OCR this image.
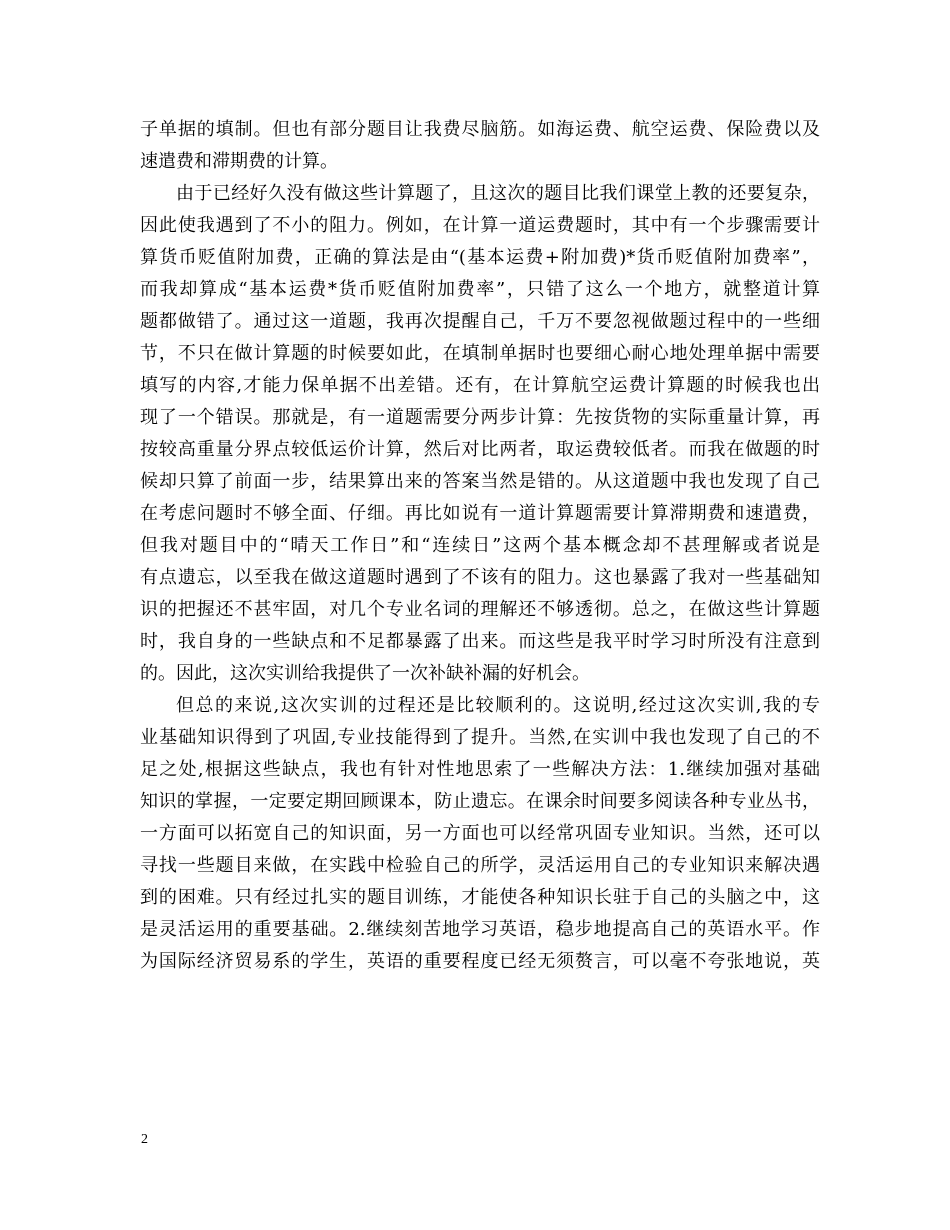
子单据的填制。但也有部分题目让我费尽脑筋。如海运费、航空运费、保险费以及
速遣费和滞期费的计算。
由于已经好久没有做这些计算题了，且这次的题目比我们课堂上教的还要复杂，
因此使我遇到了不小的阻力。例如，在计算一道运费题时，其中有一个步骤需要计
算货币贬值附加费，正确的算法是由“(基本运费+附加费)*货币贬值附加费率”，
而我却算成“基本运费*货币贬值附加费率”，只错了这么一个地方，就整道计算
题都做错了。通过这一道题，我再次提醒自己，千万不要忽视做题过程中的一些细
节，不只在做计算题的时候要如此，在填制单据时也要细心耐心地处理单据中需要
填写的内容,才能力保单据不出差错。还有，在计算航空运费计算题的时候我也出
现了一个错误。那就是，有一道题需要分两步计算：先按货物的实际重量计算，再
按较高重量分界点较低运价计算，然后对比两者，取运费较低者。而我在做题的时
候却只算了前面一步，结果算出来的答案当然是错的。从这道题中我也发现了自己
在考虑问题时不够全面、仔细。再比如说有一道计算题需要计算滞期费和速遣费，
但我对题目中的“晴天工作日”和“连续日”这两个基本概念却不甚理解或者说是
有点遗忘，以至我在做这道题时遇到了不该有的阻力。这也暴露了我对一些基础知
识的把握还不甚牢固，对几个专业名词的理解还不够透彻。总之，在做这些计算题
时，我自身的一些缺点和不足都暴露了出来。而这些是我平时学习时所没有注意到
的。因此，这次实训给我提供了一次补缺补漏的好机会。
但总的来说,这次实训的过程还是比较顺利的。这说明,经过这次实训,我的专
业基础知识得到了巩固,专业技能得到了提升。当然,在实训中我也发现了自己的不
足之处,根据这些缺点，我也有针对性地思索了一些解决方法：1.继续加强对基础
知识的掌握，一定要定期回顾课本，防止遗忘。在课余时间要多阅读各种专业丛书，
一方面可以拓宽自己的知识面，另一方面也可以经常巩固专业知识。当然，还可以
寻找一些题目来做，在实践中检验自己的所学，灵活运用自己的专业知识来解决遇
到的困难。只有经过扎实的题目训练，才能使各种知识长驻于自己的头脑之中，这
是灵活运用的重要基础。2.继续刻苦地学习英语，稳步地提高自己的英语水平。作
为国际经济贸易系的学生，英语的重要程度已经无须赘言，可以毫不夸张地说，英
2
